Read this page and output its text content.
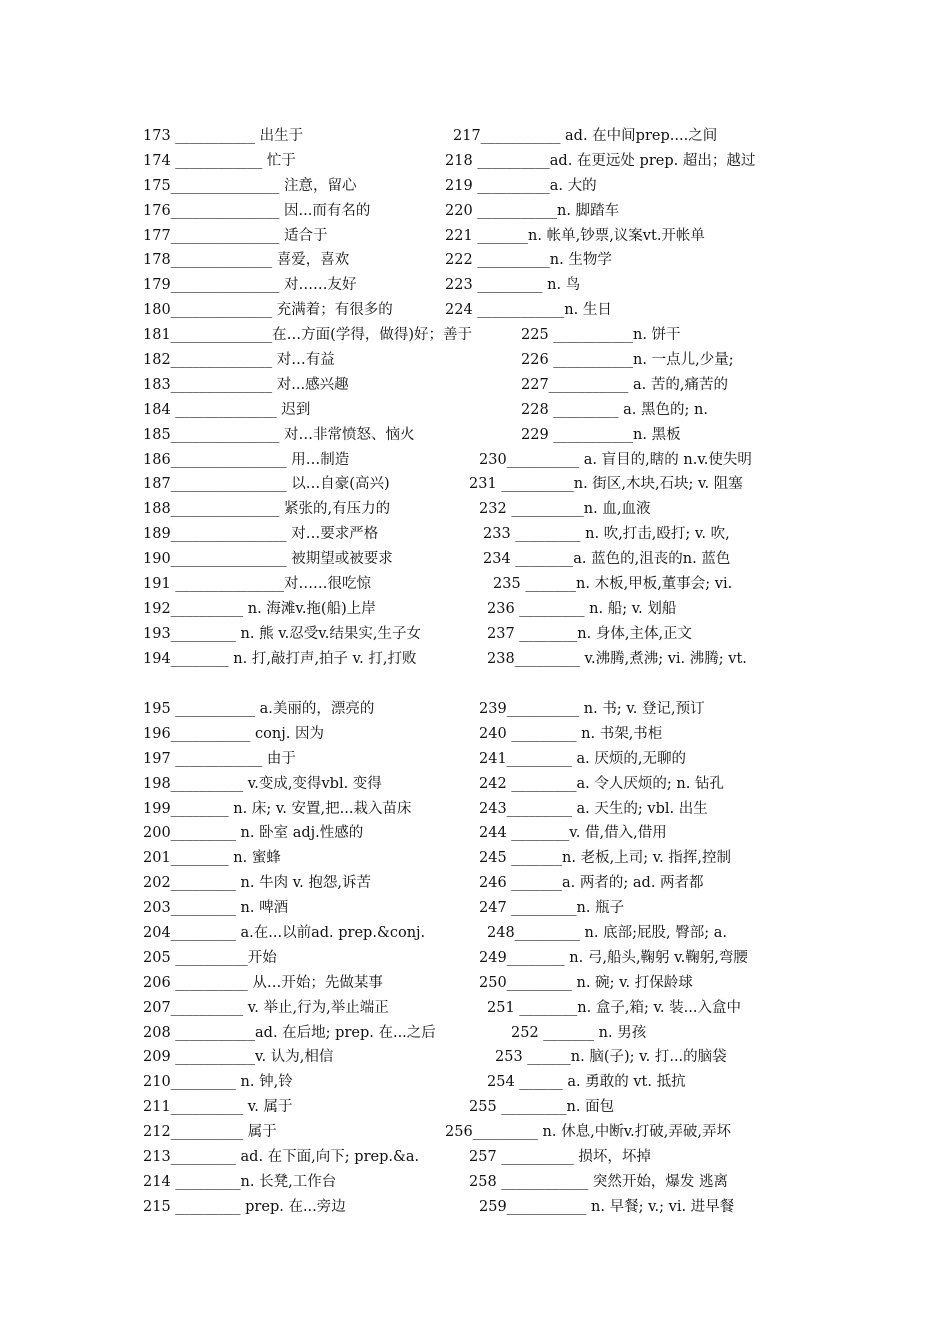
173 ___________ 出生于	217___________ ad. 在中间prep....之间
174 ____________ 忙于	218 __________ad. 在更远处 prep. 超出；越过
175_______________ 注意，留心	219 __________a. 大的
176_______________ 因...而有名的	220 ___________n. 脚踏车
177_______________ 适合于	221 _______n. 帐单,钞票,议案vt.开帐单
178______________ 喜爱，喜欢	222 __________n. 生物学
179_______________ 对……友好	223 _________ n. 鸟
180______________ 充满着；有很多的	224 ____________n. 生日
181______________在…方面(学得，做得)好；善于	225 ___________n. 饼干
182______________ 对…有益	226 ___________n. 一点儿,少量;
183______________ 对...感兴趣	227___________ a. 苦的,痛苦的
184 ______________ 迟到	228 _________ a. 黑色的; n.
185_______________ 对…非常愤怒、恼火	229 ___________n. 黑板
186________________ 用…制造	230__________ a. 盲目的,瞎的 n.v.使失明
187________________ 以…自豪(高兴)	231 __________n. 街区,木块,石块; v. 阻塞
188_______________ 紧张的,有压力的	232 __________n. 血,血液
189________________ 对…要求严格	233 _________ n. 吹,打击,殴打; v. 吹,
190________________ 被期望或被要求	234 ________a. 蓝色的,沮丧的n. 蓝色
191 _______________对……很吃惊	235 _______n. 木板,甲板,董事会; vi.
192__________ n. 海滩v.拖(船)上岸	236 _________ n. 船; v. 划船
193_________ n. 熊 v.忍受v.结果实,生子女	237 ________n. 身体,主体,正文
194________ n. 打,敲打声,拍子 v. 打,打败	238_________ v.沸腾,煮沸; vi. 沸腾; vt.
195 ___________ a.美丽的，漂亮的	239__________ n. 书; v. 登记,预订
196___________ conj. 因为	240 _________ n. 书架,书柜
197 ____________ 由于	241_________ a. 厌烦的,无聊的
198__________ v.变成,变得vbl. 变得	242 _________a. 令人厌烦的; n. 钻孔
199________ n. 床; v. 安置,把...栽入苗床	243_________ a. 天生的; vbl. 出生
200_________ n. 卧室 adj.性感的	244 ________v. 借,借入,借用
201________ n. 蜜蜂	245 _______n. 老板,上司; v. 指挥,控制
202_________ n. 牛肉 v. 抱怨,诉苦	246 _______a. 两者的; ad. 两者都
203_________ n. 啤酒	247 _________n. 瓶子
204_________ a.在...以前ad. prep.&conj.	248_________ n. 底部;屁股, 臀部; a.
205 __________开始	249________ n. 弓,船头,鞠躬 v.鞠躬,弯腰
206 __________ 从…开始；先做某事	250_________ n. 碗; v. 打保龄球
207__________ v. 举止,行为,举止端正	251 ________n. 盒子,箱; v. 装...入盒中
208 ___________ad. 在后地; prep. 在...之后	252 _______ n. 男孩
209 ___________v. 认为,相信	253 ______n. 脑(子); v. 打...的脑袋
210_________ n. 钟,铃	254 ______ a. 勇敢的 vt. 抵抗
211__________ v. 属于	255 _________n. 面包
212__________ 属于	256_________ n. 休息,中断v.打破,弄破,弄坏
213_________ ad. 在下面,向下; prep.&a.	257 __________ 损坏，坏掉
214 _________n. 长凳,工作台	258 ____________ 突然开始，爆发 逃离
215 _________ prep. 在...旁边	259___________ n. 早餐; v.; vi. 进早餐
